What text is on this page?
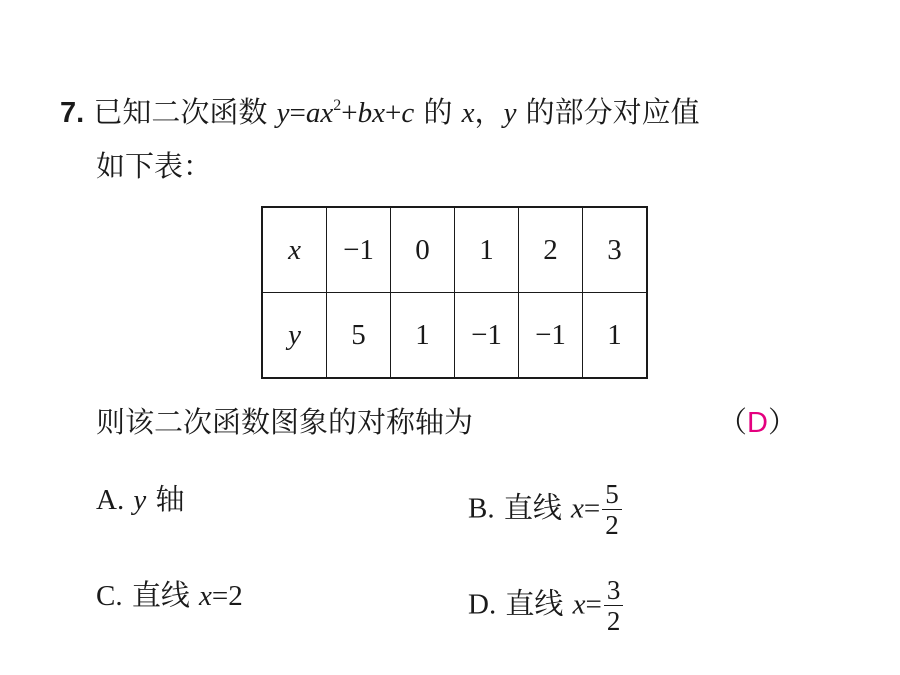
7. 已知二次函数 $y=ax^2+bx+c$ 的 x，y 的部分对应值
如下表：
x	−1	0	1	2	3
y	5	1	−1	−1	1
则该二次函数图象的对称轴为	（D）
A. y 轴	B. 直线 $x= \frac{5}{2}$
C. 直线 x=2	D. 直线 $x= \frac{3}{2}$
